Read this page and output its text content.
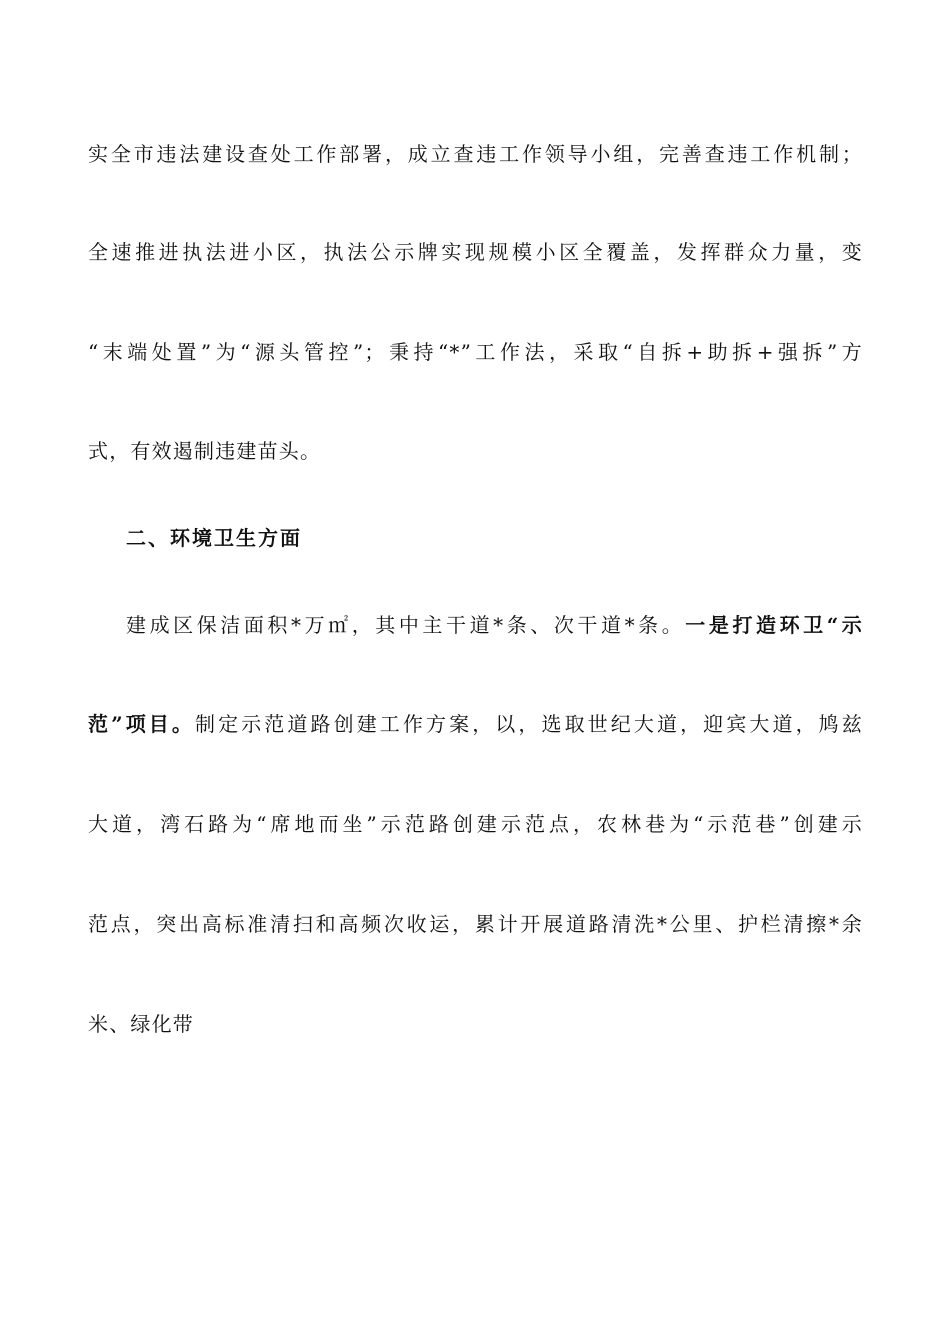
实全市违法建设查处工作部署，成立查违工作领导小组，完善查违工作机制；
全速推进执法进小区，执法公示牌实现规模小区全覆盖，发挥群众力量，变
“末端处置”为“源头管控”；秉持“*”工作法，采取“自拆+助拆+强拆”方
式，有效遏制违建苗头。
二、环境卫生方面
建成区保洁面积*万㎡，其中主干道*条、次干道*条。一是打造环卫“示
范”项目。制定示范道路创建工作方案，以，选取世纪大道，迎宾大道，鸠兹
大道，湾石路为“席地而坐”示范路创建示范点，农林巷为“示范巷”创建示
范点，突出高标准清扫和高频次收运，累计开展道路清洗*公里、护栏清擦*余
米、绿化带
